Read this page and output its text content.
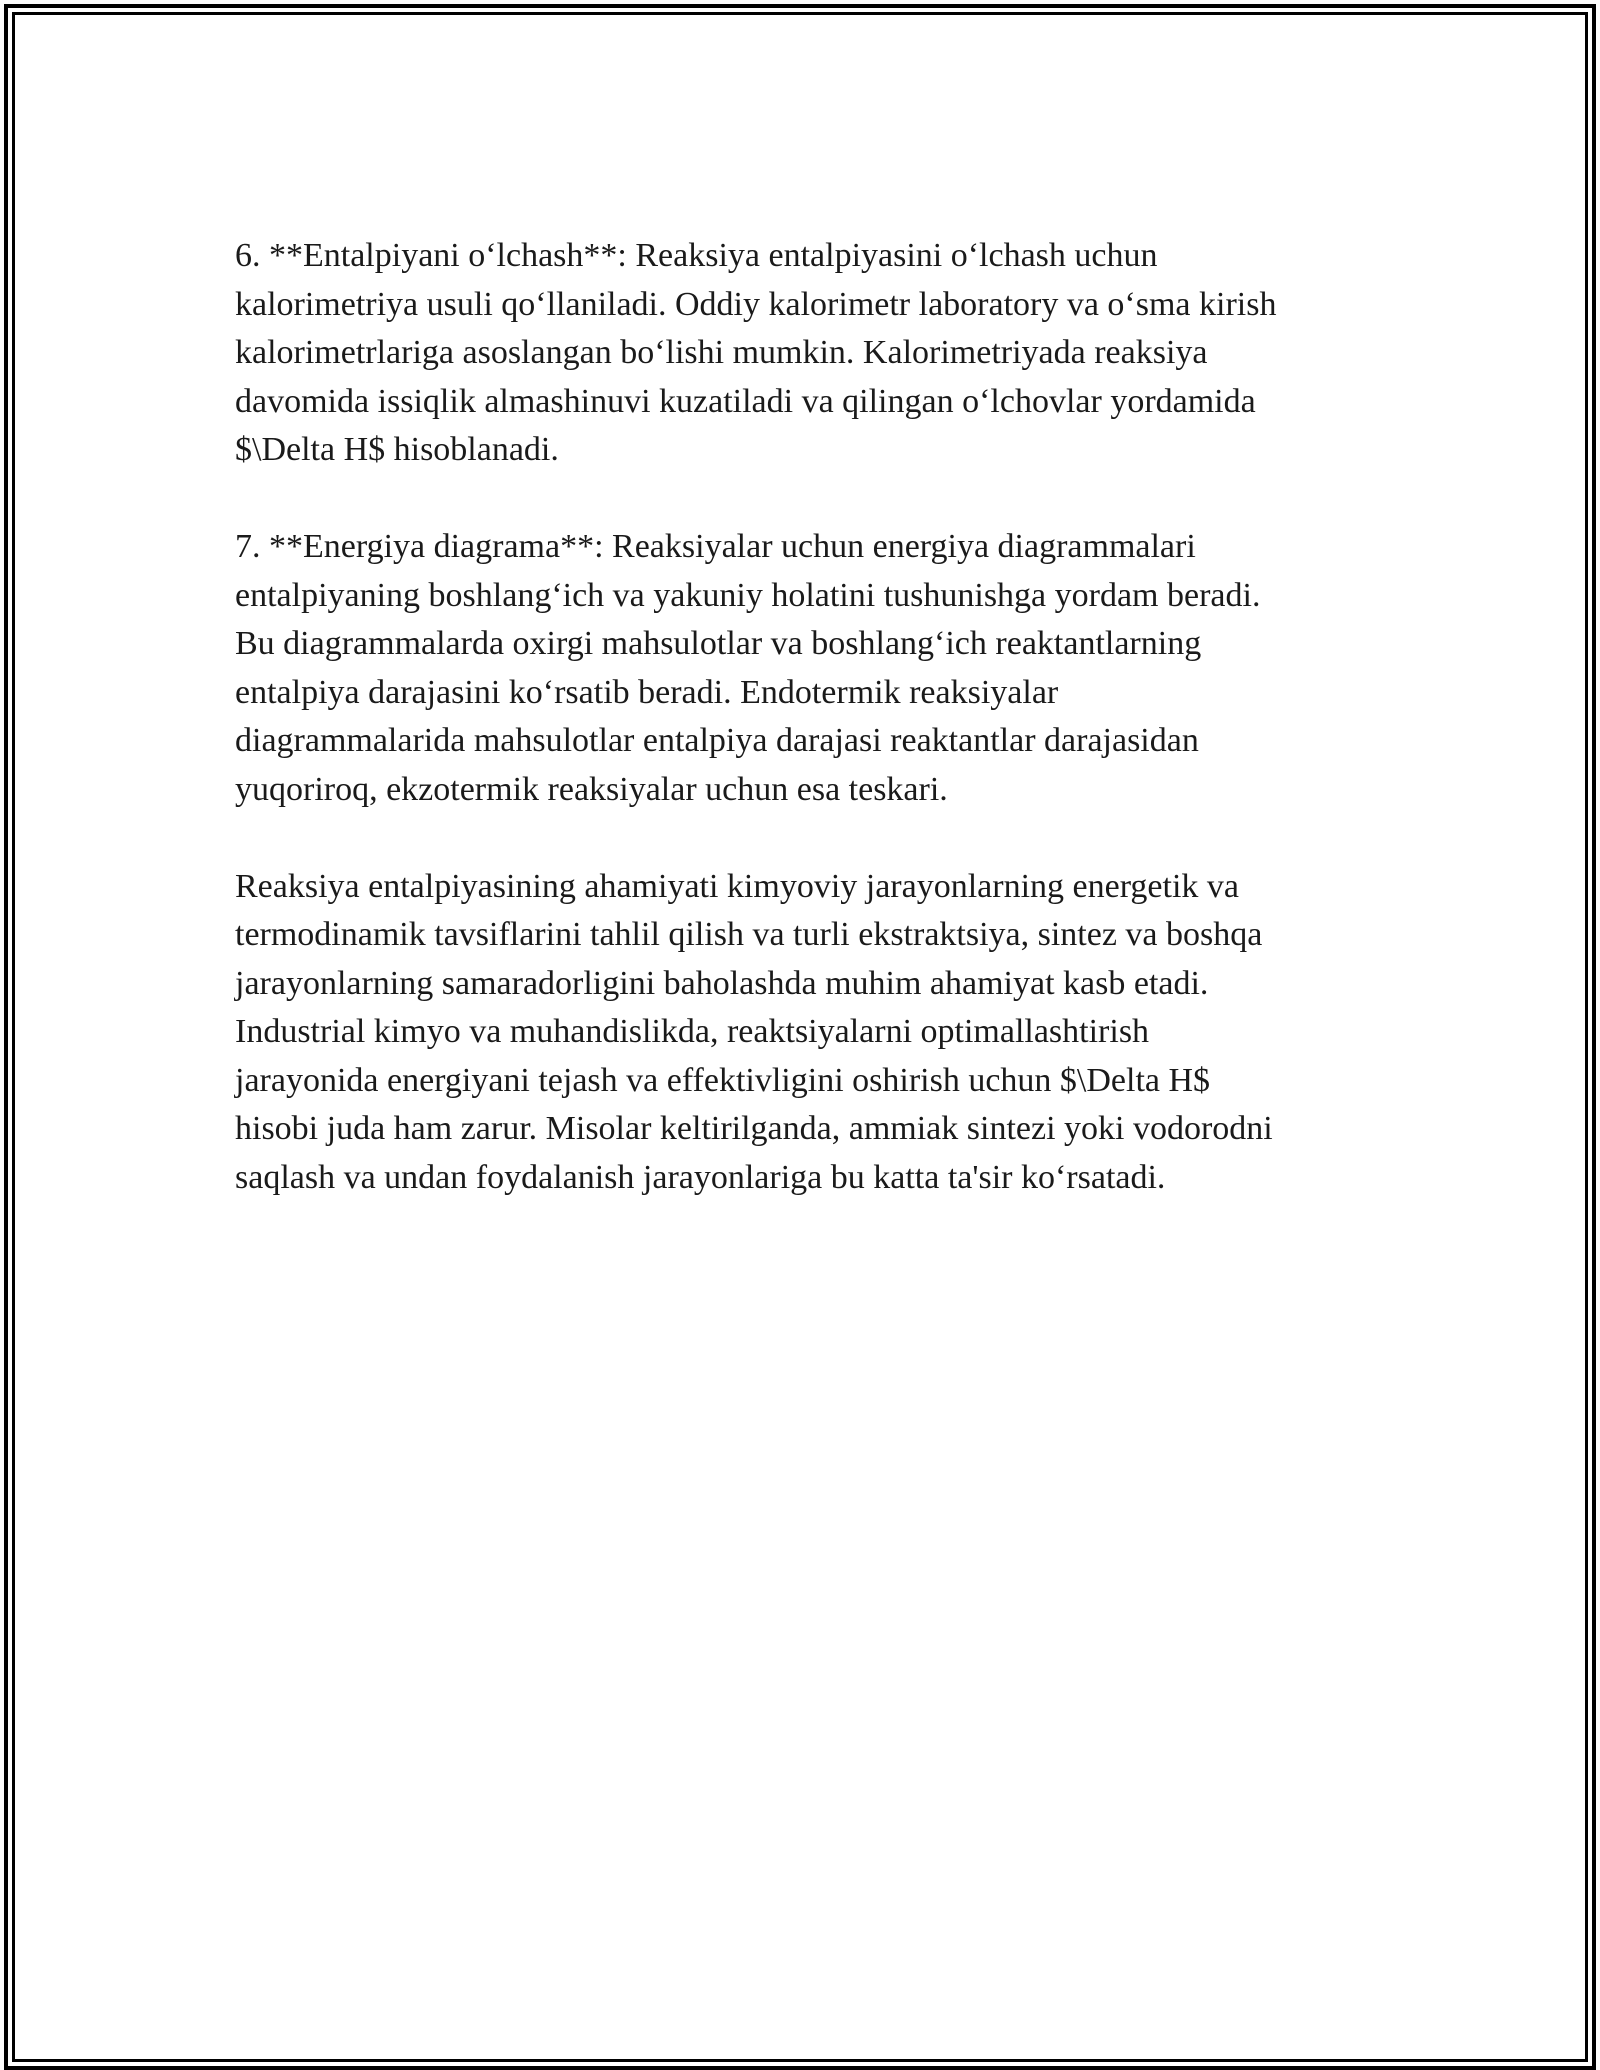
6. **Entalpiyani o‘lchash**: Reaksiya entalpiyasini o‘lchash uchun
kalorimetriya usuli qo‘llaniladi. Oddiy kalorimetr laboratory va o‘sma kirish
kalorimetrlariga asoslangan bo‘lishi mumkin. Kalorimetriyada reaksiya
davomida issiqlik almashinuvi kuzatiladi va qilingan o‘lchovlar yordamida
$\Delta H$ hisoblanadi.

7. **Energiya diagrama**: Reaksiyalar uchun energiya diagrammalari
entalpiyaning boshlang‘ich va yakuniy holatini tushunishga yordam beradi.
Bu diagrammalarda oxirgi mahsulotlar va boshlang‘ich reaktantlarning
entalpiya darajasini ko‘rsatib beradi. Endotermik reaksiyalar
diagrammalarida mahsulotlar entalpiya darajasi reaktantlar darajasidan
yuqoriroq, ekzotermik reaksiyalar uchun esa teskari.

Reaksiya entalpiyasining ahamiyati kimyoviy jarayonlarning energetik va
termodinamik tavsiflarini tahlil qilish va turli ekstraktsiya, sintez va boshqa
jarayonlarning samaradorligini baholashda muhim ahamiyat kasb etadi.
Industrial kimyo va muhandislikda, reaktsiyalarni optimallashtirish
jarayonida energiyani tejash va effektivligini oshirish uchun $\Delta H$
hisobi juda ham zarur. Misolar keltirilganda, ammiak sintezi yoki vodorodni
saqlash va undan foydalanish jarayonlariga bu katta ta'sir ko‘rsatadi.
